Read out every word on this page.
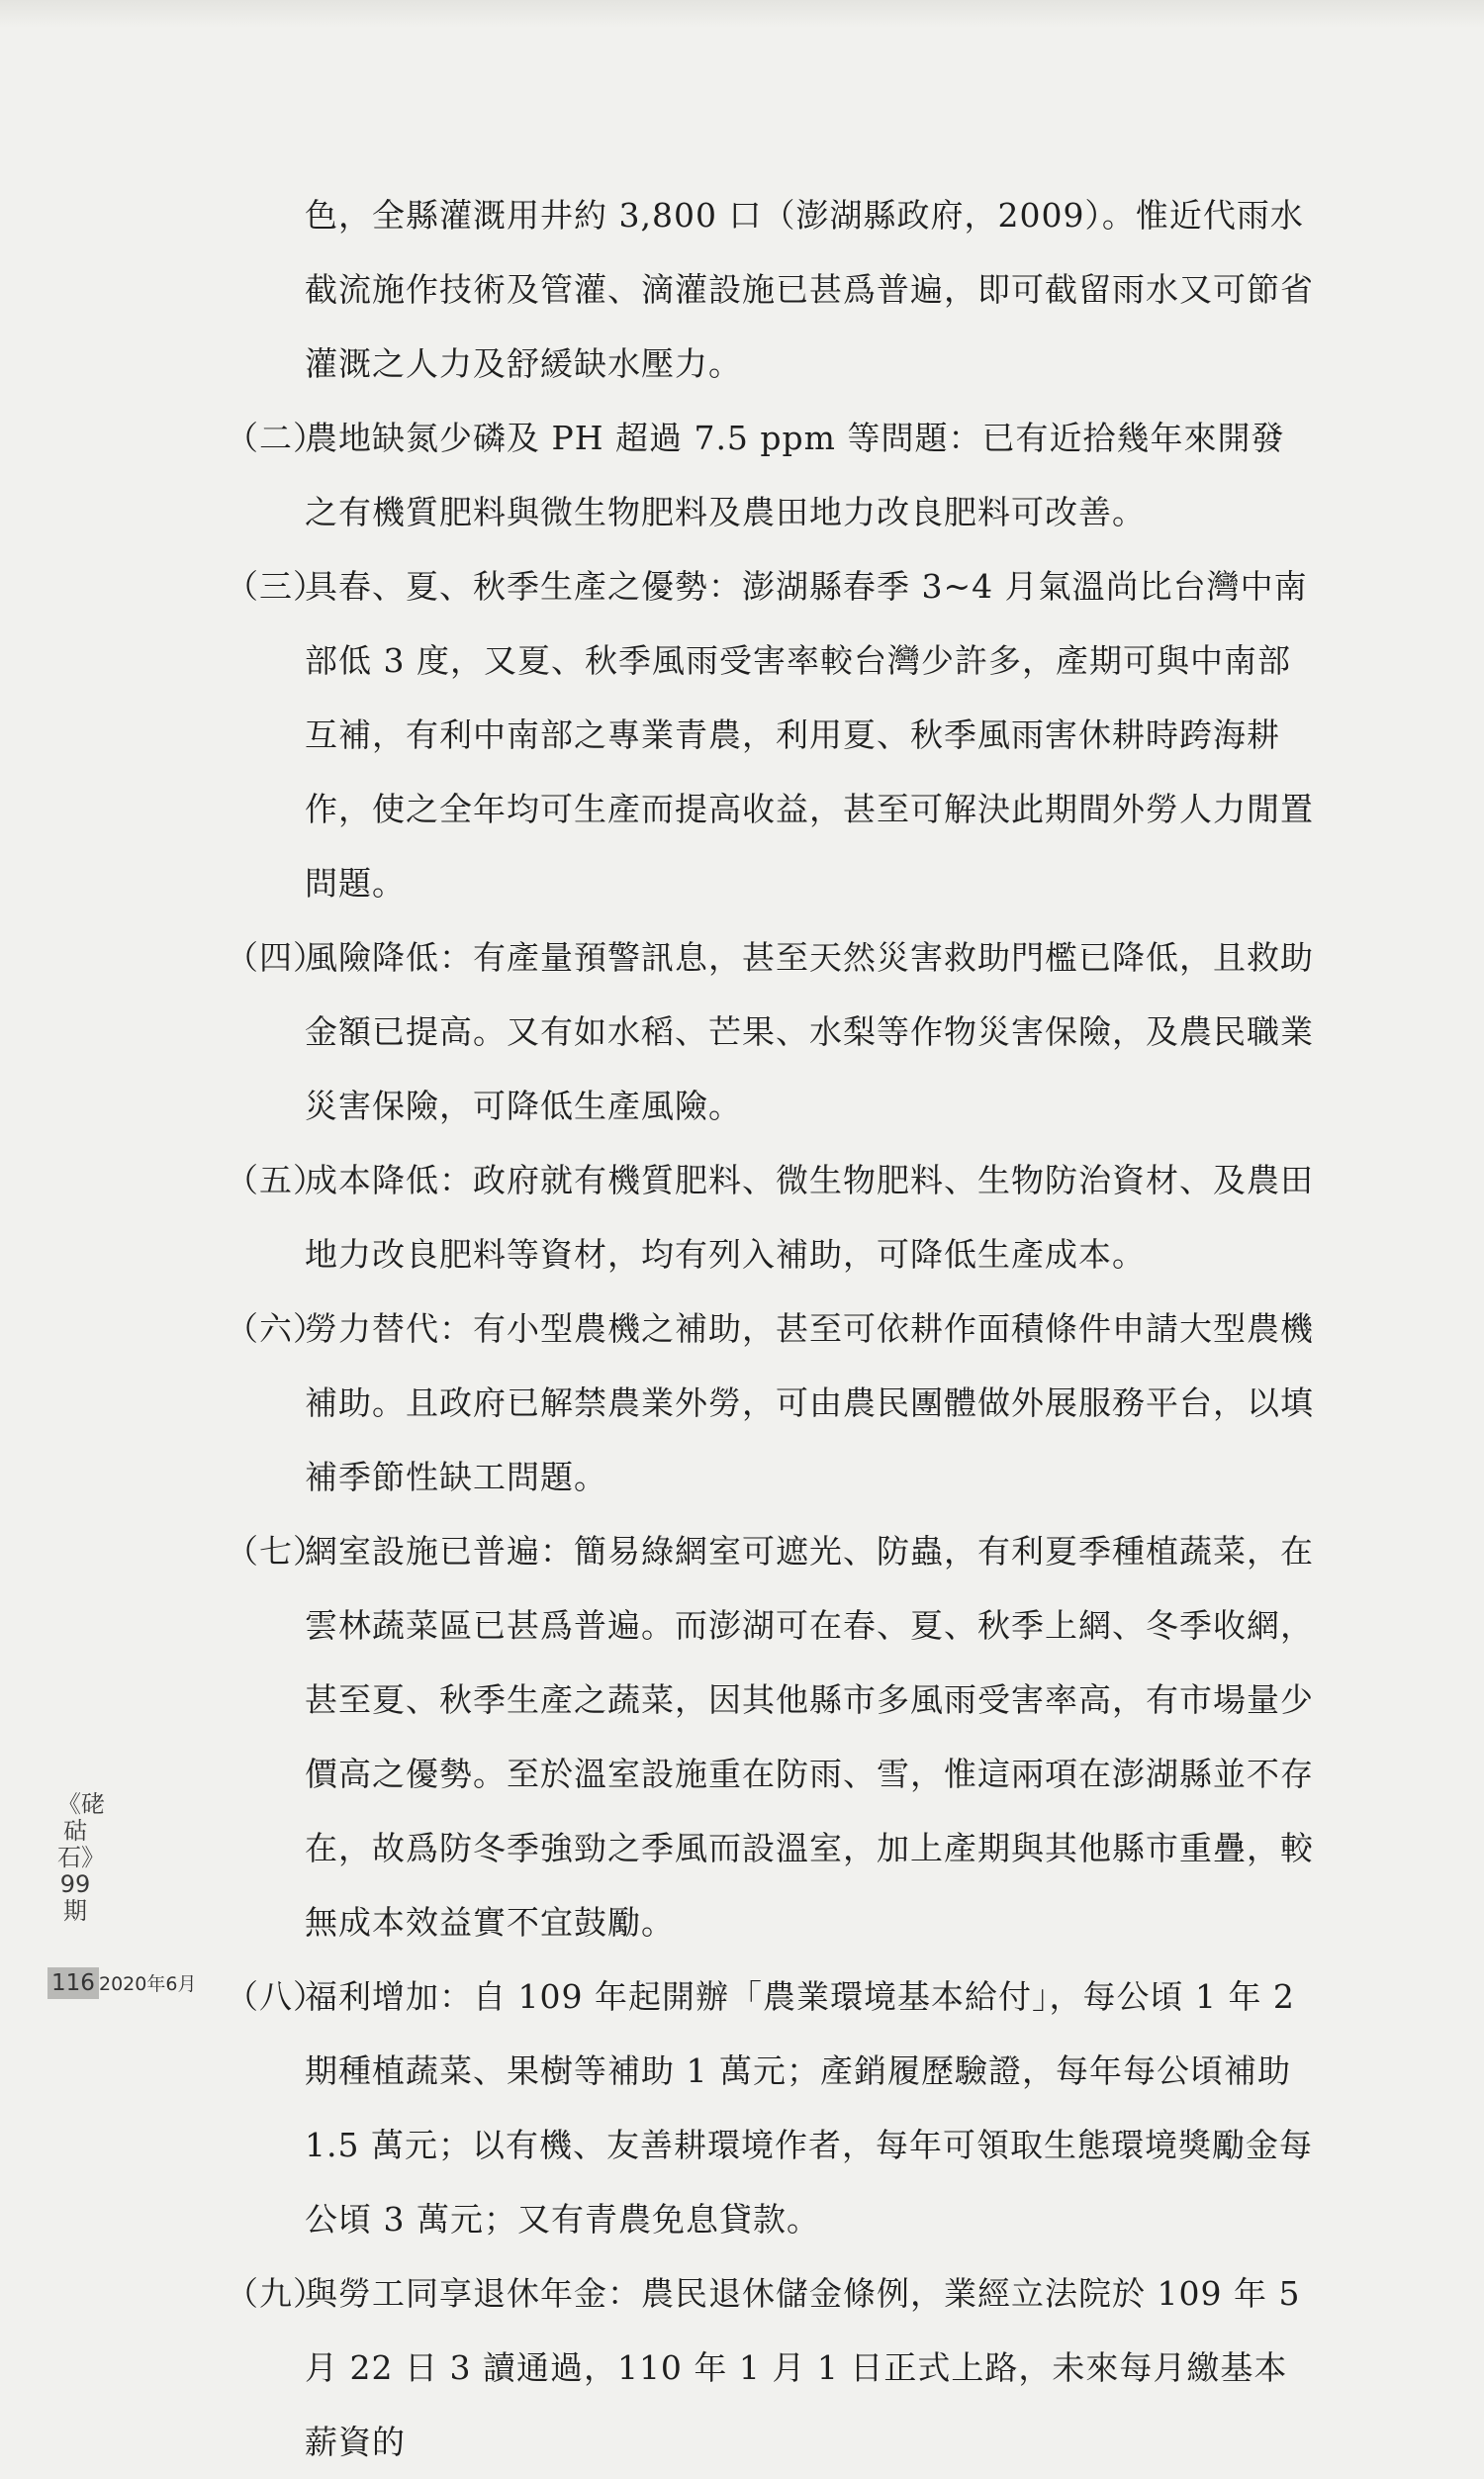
色，全縣灌溉用井約 3,800 口（澎湖縣政府，2009）。惟近代雨水截流施作技術及管灌、滴灌設施已甚爲普遍，即可截留雨水又可節省灌溉之人力及舒緩缺水壓力。

（二）
農地缺氮少磷及 PH 超過 7.5 ppm 等問題：已有近拾幾年來開發之有機質肥料與微生物肥料及農田地力改良肥料可改善。
（三）
具春、夏、秋季生產之優勢：澎湖縣春季 3~4 月氣溫尚比台灣中南部低 3 度，又夏、秋季風雨受害率較台灣少許多，產期可與中南部互補，有利中南部之專業青農，利用夏、秋季風雨害休耕時跨海耕作，使之全年均可生產而提高收益，甚至可解決此期間外勞人力閒置問題。
（四）
風險降低：有產量預警訊息，甚至天然災害救助門檻已降低，且救助金額已提高。又有如水稻、芒果、水梨等作物災害保險，及農民職業災害保險，可降低生產風險。
（五）
成本降低：政府就有機質肥料、微生物肥料、生物防治資材、及農田地力改良肥料等資材，均有列入補助，可降低生產成本。
（六）
勞力替代：有小型農機之補助，甚至可依耕作面積條件申請大型農機補助。且政府已解禁農業外勞，可由農民團體做外展服務平台，以填補季節性缺工問題。
（七）
網室設施已普遍：簡易綠網室可遮光、防蟲，有利夏季種植蔬菜，在雲林蔬菜區已甚爲普遍。而澎湖可在春、夏、秋季上網、冬季收網，甚至夏、秋季生產之蔬菜，因其他縣市多風雨受害率高，有市場量少價高之優勢。至於溫室設施重在防雨、雪，惟這兩項在澎湖縣並不存在，故爲防冬季強勁之季風而設溫室，加上產期與其他縣市重疊，較無成本效益實不宜鼓勵。
（八）
福利增加：自 109 年起開辦「農業環境基本給付」，每公頃 1 年 2 期種植蔬菜、果樹等補助 1 萬元；產銷履歷驗證，每年每公頃補助 1.5 萬元；以有機、友善耕環境作者，每年可領取生態環境獎勵金每公頃 3 萬元；又有青農免息貸款。
（九）
與勞工同享退休年金：農民退休儲金條例，業經立法院於 109 年 5 月 22 日 3 讀通過，110 年 1 月 1 日正式上路，未來每月繳基本薪資的
《硓𥑮石》99期
116 2020年6月
